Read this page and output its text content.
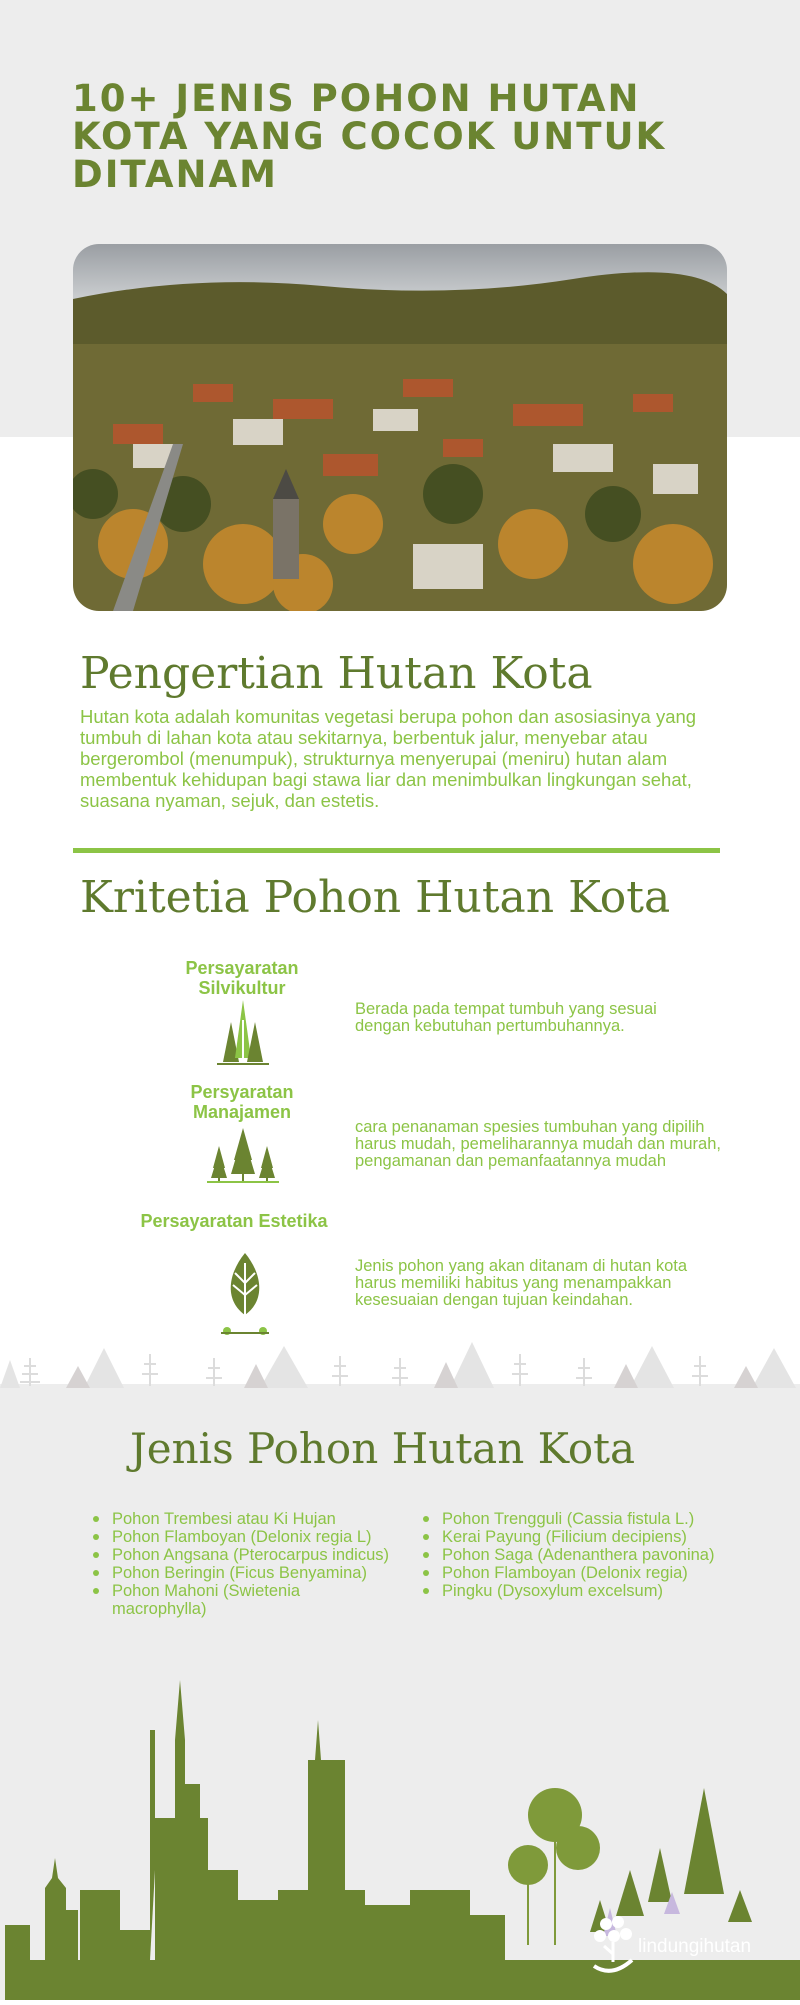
10+ JENIS POHON HUTAN KOTA YANG COCOK UNTUK DITANAM
Pengertian Hutan Kota

Hutan kota adalah komunitas vegetasi berupa pohon dan asosiasinya yang tumbuh di lahan kota atau sekitarnya, berbentuk jalur, menyebar atau bergerombol (menumpuk), strukturnya menyerupai (meniru) hutan alam membentuk kehidupan bagi stawa liar dan menimbulkan lingkungan sehat, suasana nyaman, sejuk, dan estetis.

Kritetia Pohon Hutan Kota
Persayaratan Silvikultur

Berada pada tempat tumbuh yang sesuai dengan kebutuhan pertumbuhannya.

Persyaratan Manajamen

cara penanaman spesies tumbuhan yang dipilih harus mudah, pemeliharannya mudah dan murah, pengamanan dan pemanfaatannya mudah

Persayaratan Estetika

Jenis pohon yang akan ditanam di hutan kota harus memiliki habitus yang menampakkan kesesuaian dengan tujuan keindahan.

Jenis Pohon Hutan Kota
Pohon Trembesi atau Ki Hujan
Pohon Flamboyan (Delonix regia L)
Pohon Angsana (Pterocarpus indicus)
Pohon Beringin (Ficus Benyamina)
Pohon Mahoni (Swietenia macrophylla)
Pohon Trengguli (Cassia fistula L.)
Kerai Payung (Filicium decipiens)
Pohon Saga (Adenanthera pavonina)
Pohon Flamboyan (Delonix regia)
Pingku (Dysoxylum excelsum)
lindungihutan
